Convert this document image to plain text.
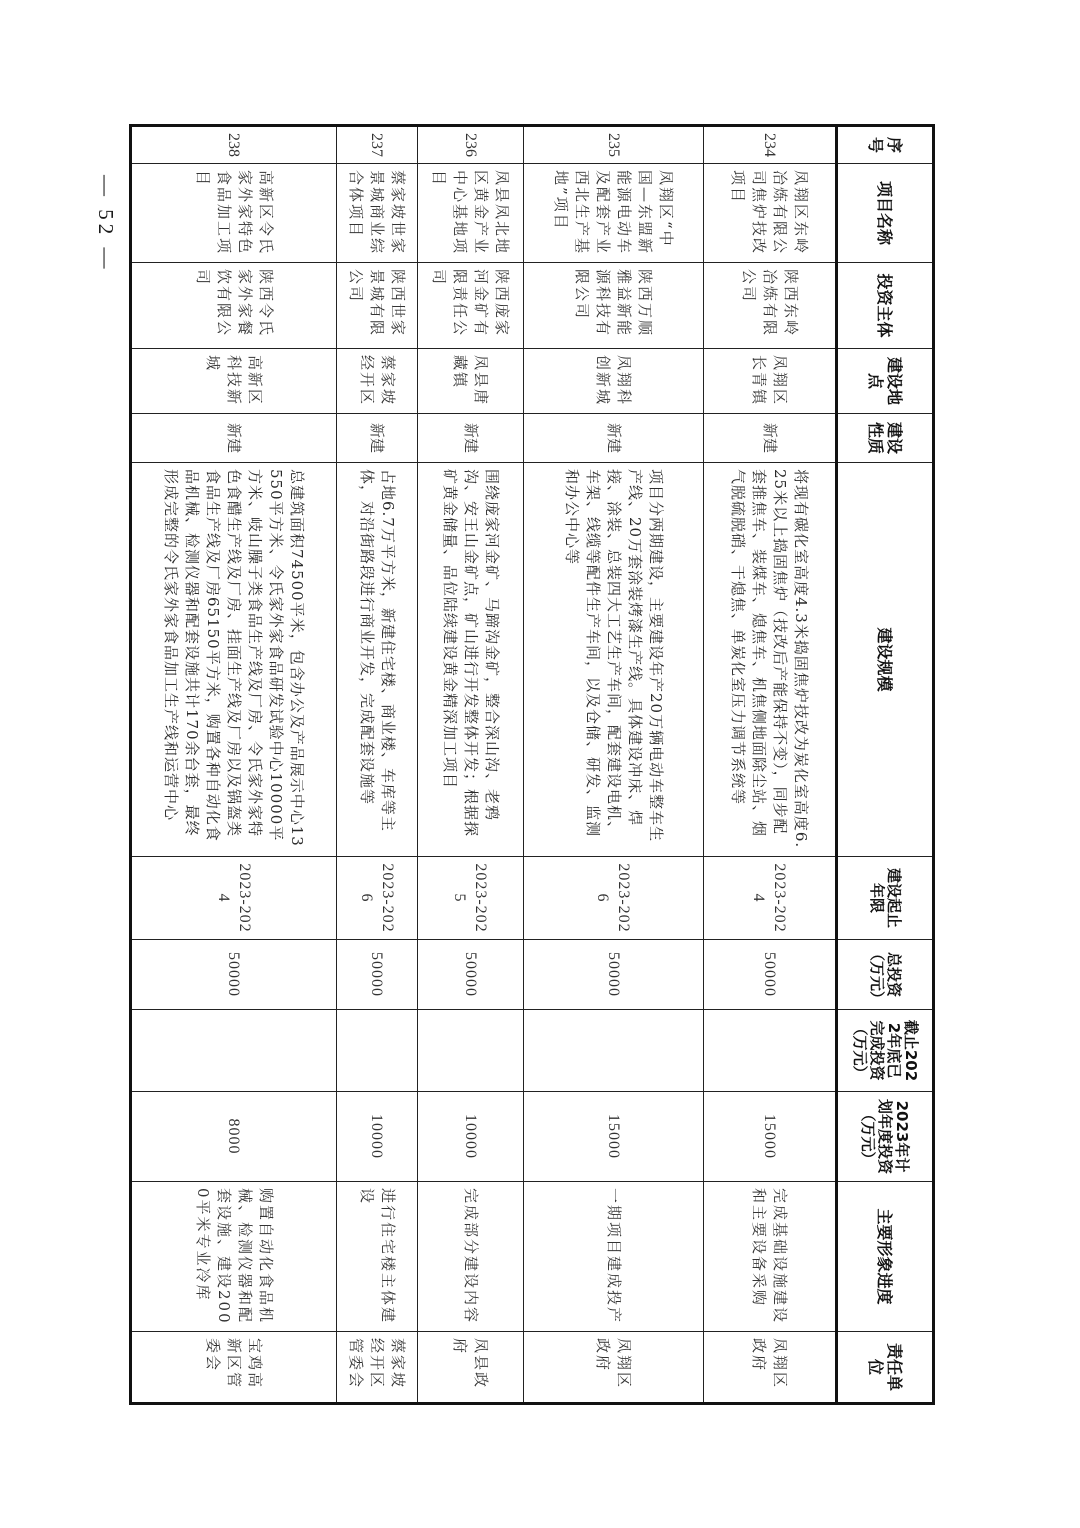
— 52 —
序号	项目名称	投资主体	建设地点	建设性质	建设规模	建设起止年限	总投资（万元）	截止2022年底已完成投资（万元）	2023年计划年度投资（万元）	主要形象进度	责任单位
234	凤翔区东岭冶炼有限公司焦炉技改项目	陕西东岭冶炼有限公司	凤翔区长青镇	新建	将现有碳化室高度4.3米捣固焦炉技改为炭化室高度6.25米以上捣固焦炉（技改后产能保持不变），同步配套推焦车、装煤车、熄焦车、机焦侧地面除尘站、烟气脱硫脱硝、干熄焦、单炭化室压力调节系统等	2023-2024	50000		15000	完成基础设施建设和主要设备采购	凤翔区政府
235	凤翔区“中国—东盟新能源电动车及配套产业西北生产基地”项目	陕西万顺雅益新能源科技有限公司	凤翔科创新城	新建	项目分两期建设，主要建设年产20万辆电动车整车生产线、20万套涂装烤漆生产线。具体建设冲床、焊接、涂装、总装四大工艺生产车间，配套建设电机、车架、线缆等配件生产车间，以及仓储、研发、监测和办公中心等	2023-2026	50000		15000	一期项目建成投产	凤翔区政府
236	凤县凤北地区黄金产业中心基地项目	陕西庞家河金矿有限责任公司	凤县唐藏镇	新建	围绕庞家河金矿、马蹄沟金矿，整合深山沟、老鸦沟、安王山金矿点，矿山进行开发整体开发；根据探矿黄金储量、品位陆续建设黄金精深加工项目	2023-2025	50000		10000	完成部分建设内容	凤县政府
237	蔡家坡世家景城商业综合体项目	陕西世家景城有限公司	蔡家坡经开区	新建	占地6.7万平方米，新建住宅楼、商业楼、车库等主体，对沿街路段进行商业开发，完成配套设施等	2023-2026	50000		10000	进行住宅楼主体建设	蔡家坡经开区管委会
238	高新区令氏家外家特色食品加工项目	陕西令氏家外家餐饮有限公司	高新区科技新城	新建	总建筑面积74500平米，包含办公及产品展示中心13550平方米、令氏家外家食品研发试验中心10000平方米、岐山臊子类食品生产线及厂房、令氏家外家特色食醋生产线及厂房、挂面生产线及厂房以及锅盔类食品生产线及厂房65150平方米，购置各种自动化食品机械、检测仪器和配套设施共计170余台套，最终形成完整的令氏家外家食品加工生产线和运营中心	2023-2024	50000		8000	购置自动化食品机械、检测仪器和配套设施、建设2000平米专业冷库	宝鸡高新区管委会
